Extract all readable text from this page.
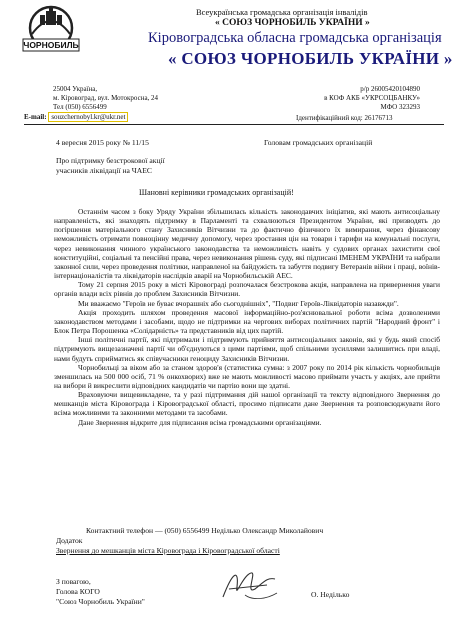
ЧОРНОБИЛЬ
Всеукраїнська громадська організація інвалідів
« СОЮЗ ЧОРНОБИЛЬ УКРАЇНИ »
Кіровоградська обласна громадська організація
« СОЮЗ ЧОРНОБИЛЬ УКРАЇНИ »
25004 Україна,
м. Кіровоград, вул. Мотокросна, 24
Тел (050) 6556499
E-mail: souzchernobyl.kr@ukr.net
р/р 26005420104890
в КОФ АКБ «УКРСОЦБАНКУ»
МФО 323293
Ідентифікаційний код: 26176713
4 вересня 2015 року № 11/15	Головам громадських організацій
Про підтримку безстрокової акції
учасників ліквідації на ЧАЕС
Шановні керівники громадських організацій!

Останнім часом з боку Уряду України збільшилась кількість законодавчих ініціатив, які мають антисоціальну направленість, які знаходять підтримку в Парламенті та схвалюються Президентом України, які призводять до погіршення матеріального стану Захисників Вітчизни та до фактично фізичного їх вимирання, через фінансову неможливість отримати повноцінну медичну допомогу, через зростання цін на товари і тарифи на комунальні послуги, через невиконання чинного українського законодавства та неможливість навіть у судових органах захистити свої конституційні, соціальні та пенсійні права, через невиконання рішень суду, які підписані ІМЕНЕМ УКРАЇНИ та набрали законної сили, через проведення політики, направленої на байдужість та забуття подвигу Ветеранів війни і праці, воїнів-інтернаціоналістів та ліквідаторів наслідків аварії на Чорнобильській АЕС.

Тому 21 серпня 2015 року в місті Кіровограді розпочалася безстрокова акція, направлена на привернення уваги органів влади всіх рівнів до проблем Захисників Вітчизни.

Ми вважаємо "Героїв не буває вчорашніх або сьогоднішніх", "Подвиг Героїв-Ліквідаторів назавжди".

Акція проходить шляхом проведення масової інформаційно-роз'яснювальної роботи всіма дозволеними законодавством методами і засобами, щодо не підтримки на чергових виборах політичних партій "Народний фронт" і Блок Петра Порошенка «Солідарність» та представників від цих партій.

Інші політичні партії, які підтримали і підтримують прийняття антисоціальних законів, які у будь який спосіб підтримують вищезазначені партії чи об'єднуються з цими партіями, щоб спільними зусиллями залишитись при владі, нами будуть сприйматись як співучасники геноциду Захисників Вітчизни.

Чорнобильці за віком або за станом здоров'я (статистика сумна: з 2007 року по 2014 рік кількість чорнобильців зменшилась на 500 000 осіб, 71 % онкохворих) вже не мають можливості масово приймати участь у акціях, але прийти на вибори й викреслити відповідних кандидатів чи партію вони ще здатні.

Враховуючи вищевикладене, та у разі підтримання дій нашої організації та тексту відповідного Звернення до мешканців міста Кіровограда і Кіровоградської області, просимо підписати дане Звернення та розповсюджувати його всіма можливими та законними методами та засобами.

Дане Звернення відкрите для підписання всіма громадськими організаціями.

Контактний телефон — (050) 6556499 Неділько Олександр Миколайович
Додаток
Звернення до мешканців міста Кіровограда і Кіровоградської області
З повагою,
Голова КОГО
"Союз Чорнобиль України"
О. Неділько
